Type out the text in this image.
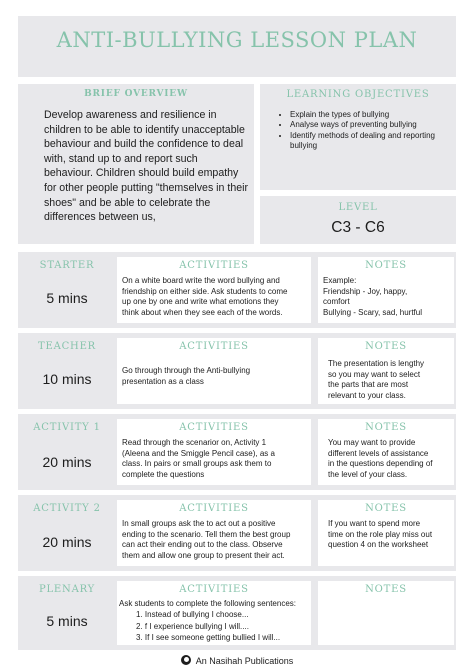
ANTI-BULLYING LESSON PLAN
BRIEF OVERVIEW
Develop awareness and resilience in
children to be able to identify unacceptable
behaviour and build the confidence to deal
with, stand up to and report such
behaviour. Children should build empathy
for other people putting "themselves in their
shoes" and be able to celebrate the
differences between us,
LEARNING OBJECTIVES
• Explain the types of bullying
• Analyse ways of preventing bullying
• Identify methods of dealing and reporting bullying
LEVEL
C3 - C6
STARTER
5 mins
ACTIVITIES
On a white board write the word bullying and
friendship on either side. Ask students to come
up one by one and write what emotions they
think about when they see each of the words.
NOTES
Example:
Friendship - Joy, happy,
comfort
Bullying - Scary, sad, hurtful
TEACHER
10 mins
ACTIVITIES
Go through through the Anti-bullying
presentation as a class
NOTES
The presentation is lengthy
so you may want to select
the parts that are most
relevant to your class.
ACTIVITY 1
20 mins
ACTIVITIES
Read through the scenarior on, Activity 1
(Aleena and the Smiggle Pencil case), as a
class. In pairs or small groups ask them to
complete the questions
NOTES
You may want to provide
different levels of assistance
in the questions depending of
the level of your class.
ACTIVITY 2
20 mins
ACTIVITIES
In small groups ask the to act out a positive
ending to the scenario. Tell them the best group
can act their ending out to the class. Observe
them and allow one group to present their act.
NOTES
If you want to spend more
time on the role play miss out
question 4 on the worksheet
PLENARY
5 mins
ACTIVITIES
Ask students to complete the following sentences:
1. Instead of bullying I choose...
2. f I experience bullying I will....
3. If I see someone getting bullied I will...
NOTES
An Nasihah Publications
